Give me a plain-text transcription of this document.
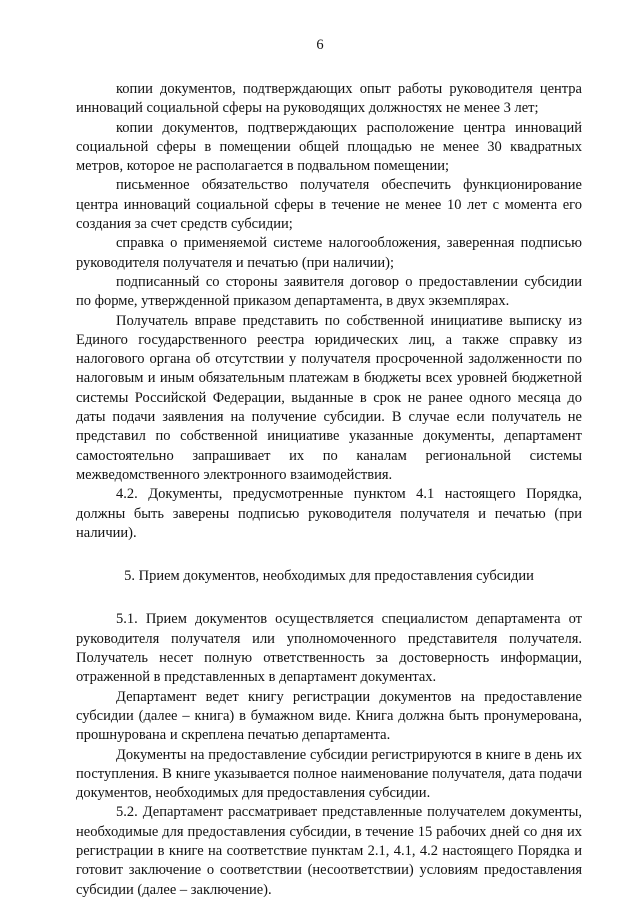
6

копии документов, подтверждающих опыт работы руководителя центра инноваций социальной сферы на руководящих должностях не менее 3 лет;

копии документов, подтверждающих расположение центра инноваций социальной сферы в помещении общей площадью не менее 30 квадратных метров, которое не располагается в подвальном помещении;

письменное обязательство получателя обеспечить функционирование центра инноваций социальной сферы в течение не менее 10 лет с момента его создания за счет средств субсидии;

справка о применяемой системе налогообложения, заверенная подписью руководителя получателя и печатью (при наличии);

подписанный со стороны заявителя договор о предоставлении субсидии по форме, утвержденной приказом департамента, в двух экземплярах.

Получатель вправе представить по собственной инициативе выписку из Единого государственного реестра юридических лиц, а также справку из налогового органа об отсутствии у получателя просроченной задолженности по налоговым и иным обязательным платежам в бюджеты всех уровней бюджетной системы Российской Федерации, выданные в срок не ранее одного месяца до даты подачи заявления на получение субсидии. В случае если получатель не представил по собственной инициативе указанные документы, департамент самостоятельно запрашивает их по каналам региональной системы межведомственного электронного взаимодействия.

4.2. Документы, предусмотренные пунктом 4.1 настоящего Порядка, должны быть заверены подписью руководителя получателя и печатью (при наличии).

5. Прием документов, необходимых для предоставления субсидии

5.1. Прием документов осуществляется специалистом департамента от руководителя получателя или уполномоченного представителя получателя. Получатель несет полную ответственность за достоверность информации, отраженной в представленных в департамент документах.

Департамент ведет книгу регистрации документов на предоставление субсидии (далее – книга) в бумажном виде. Книга должна быть пронумерована, прошнурована и скреплена печатью департамента.

Документы на предоставление субсидии регистрируются в книге в день их поступления. В книге указывается полное наименование получателя, дата подачи документов, необходимых для предоставления субсидии.

5.2. Департамент рассматривает представленные получателем документы, необходимые для предоставления субсидии, в течение 15 рабочих дней со дня их регистрации в книге на соответствие пунктам 2.1, 4.1, 4.2 настоящего Порядка и готовит заключение о соответствии (несоответствии) условиям предоставления субсидии (далее – заключение).
